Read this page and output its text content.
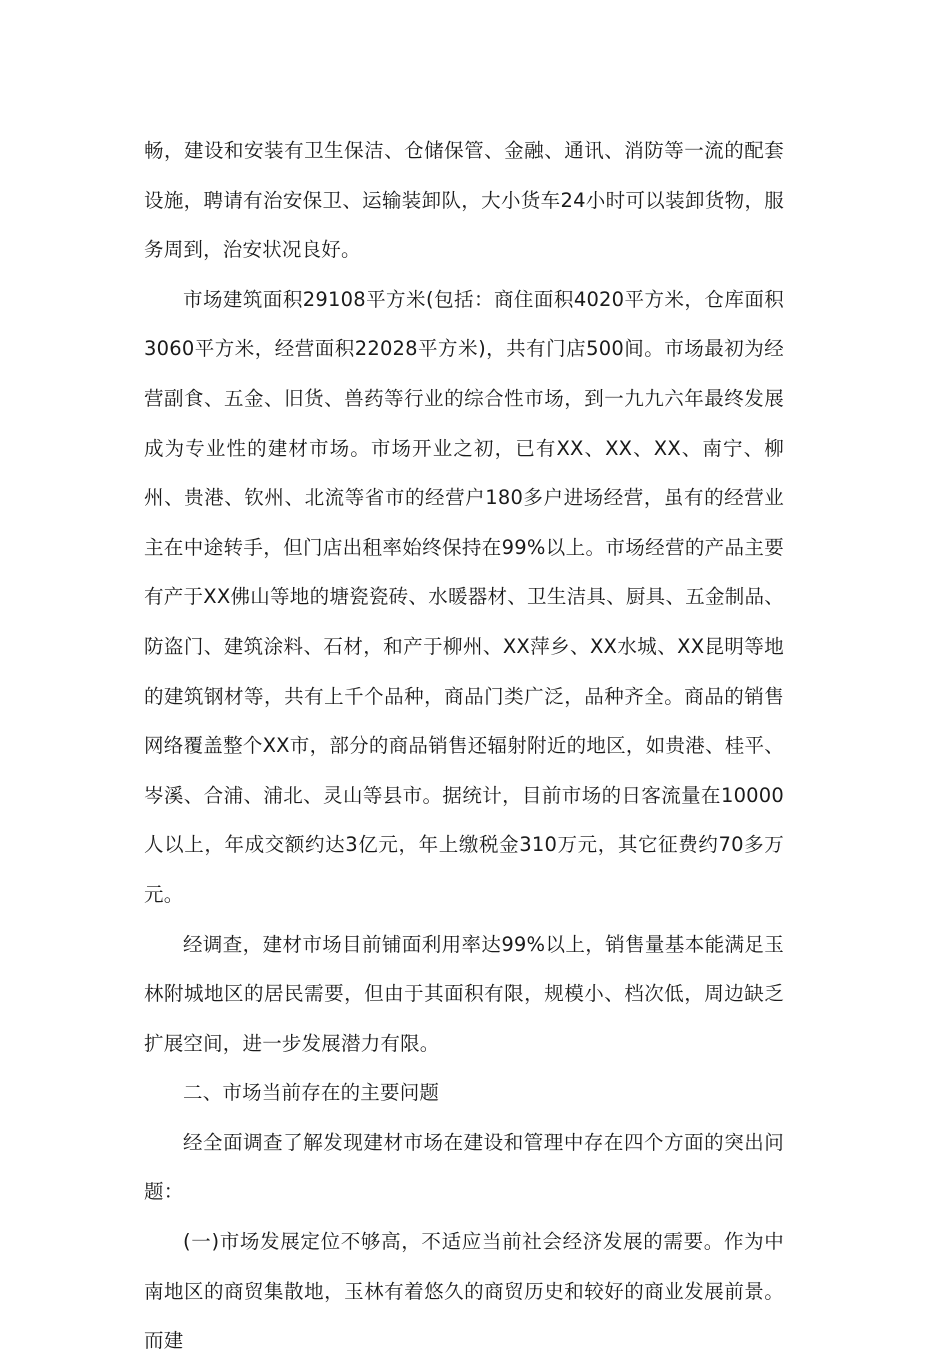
畅，建设和安装有卫生保洁、仓储保管、金融、通讯、消防等一流的配套设施，聘请有治安保卫、运输装卸队，大小货车24小时可以装卸货物，服务周到，治安状况良好。

市场建筑面积29108平方米(包括：商住面积4020平方米，仓库面积3060平方米，经营面积22028平方米)，共有门店500间。市场最初为经营副食、五金、旧货、兽药等行业的综合性市场，到一九九六年最终发展成为专业性的建材市场。市场开业之初，已有XX、XX、XX、南宁、柳州、贵港、钦州、北流等省市的经营户180多户进场经营，虽有的经营业主在中途转手，但门店出租率始终保持在99%以上。市场经营的产品主要有产于XX佛山等地的塘瓷瓷砖、水暖器材、卫生洁具、厨具、五金制品、防盗门、建筑涂料、石材，和产于柳州、XX萍乡、XX水城、XX昆明等地的建筑钢材等，共有上千个品种，商品门类广泛，品种齐全。商品的销售网络覆盖整个XX市，部分的商品销售还辐射附近的地区，如贵港、桂平、岑溪、合浦、浦北、灵山等县市。据统计，目前市场的日客流量在10000人以上，年成交额约达3亿元，年上缴税金310万元，其它征费约70多万元。

经调查，建材市场目前铺面利用率达99%以上，销售量基本能满足玉林附城地区的居民需要，但由于其面积有限，规模小、档次低，周边缺乏扩展空间，进一步发展潜力有限。

二、市场当前存在的主要问题

经全面调查了解发现建材市场在建设和管理中存在四个方面的突出问题：

(一)市场发展定位不够高，不适应当前社会经济发展的需要。作为中南地区的商贸集散地，玉林有着悠久的商贸历史和较好的商业发展前景。而建
